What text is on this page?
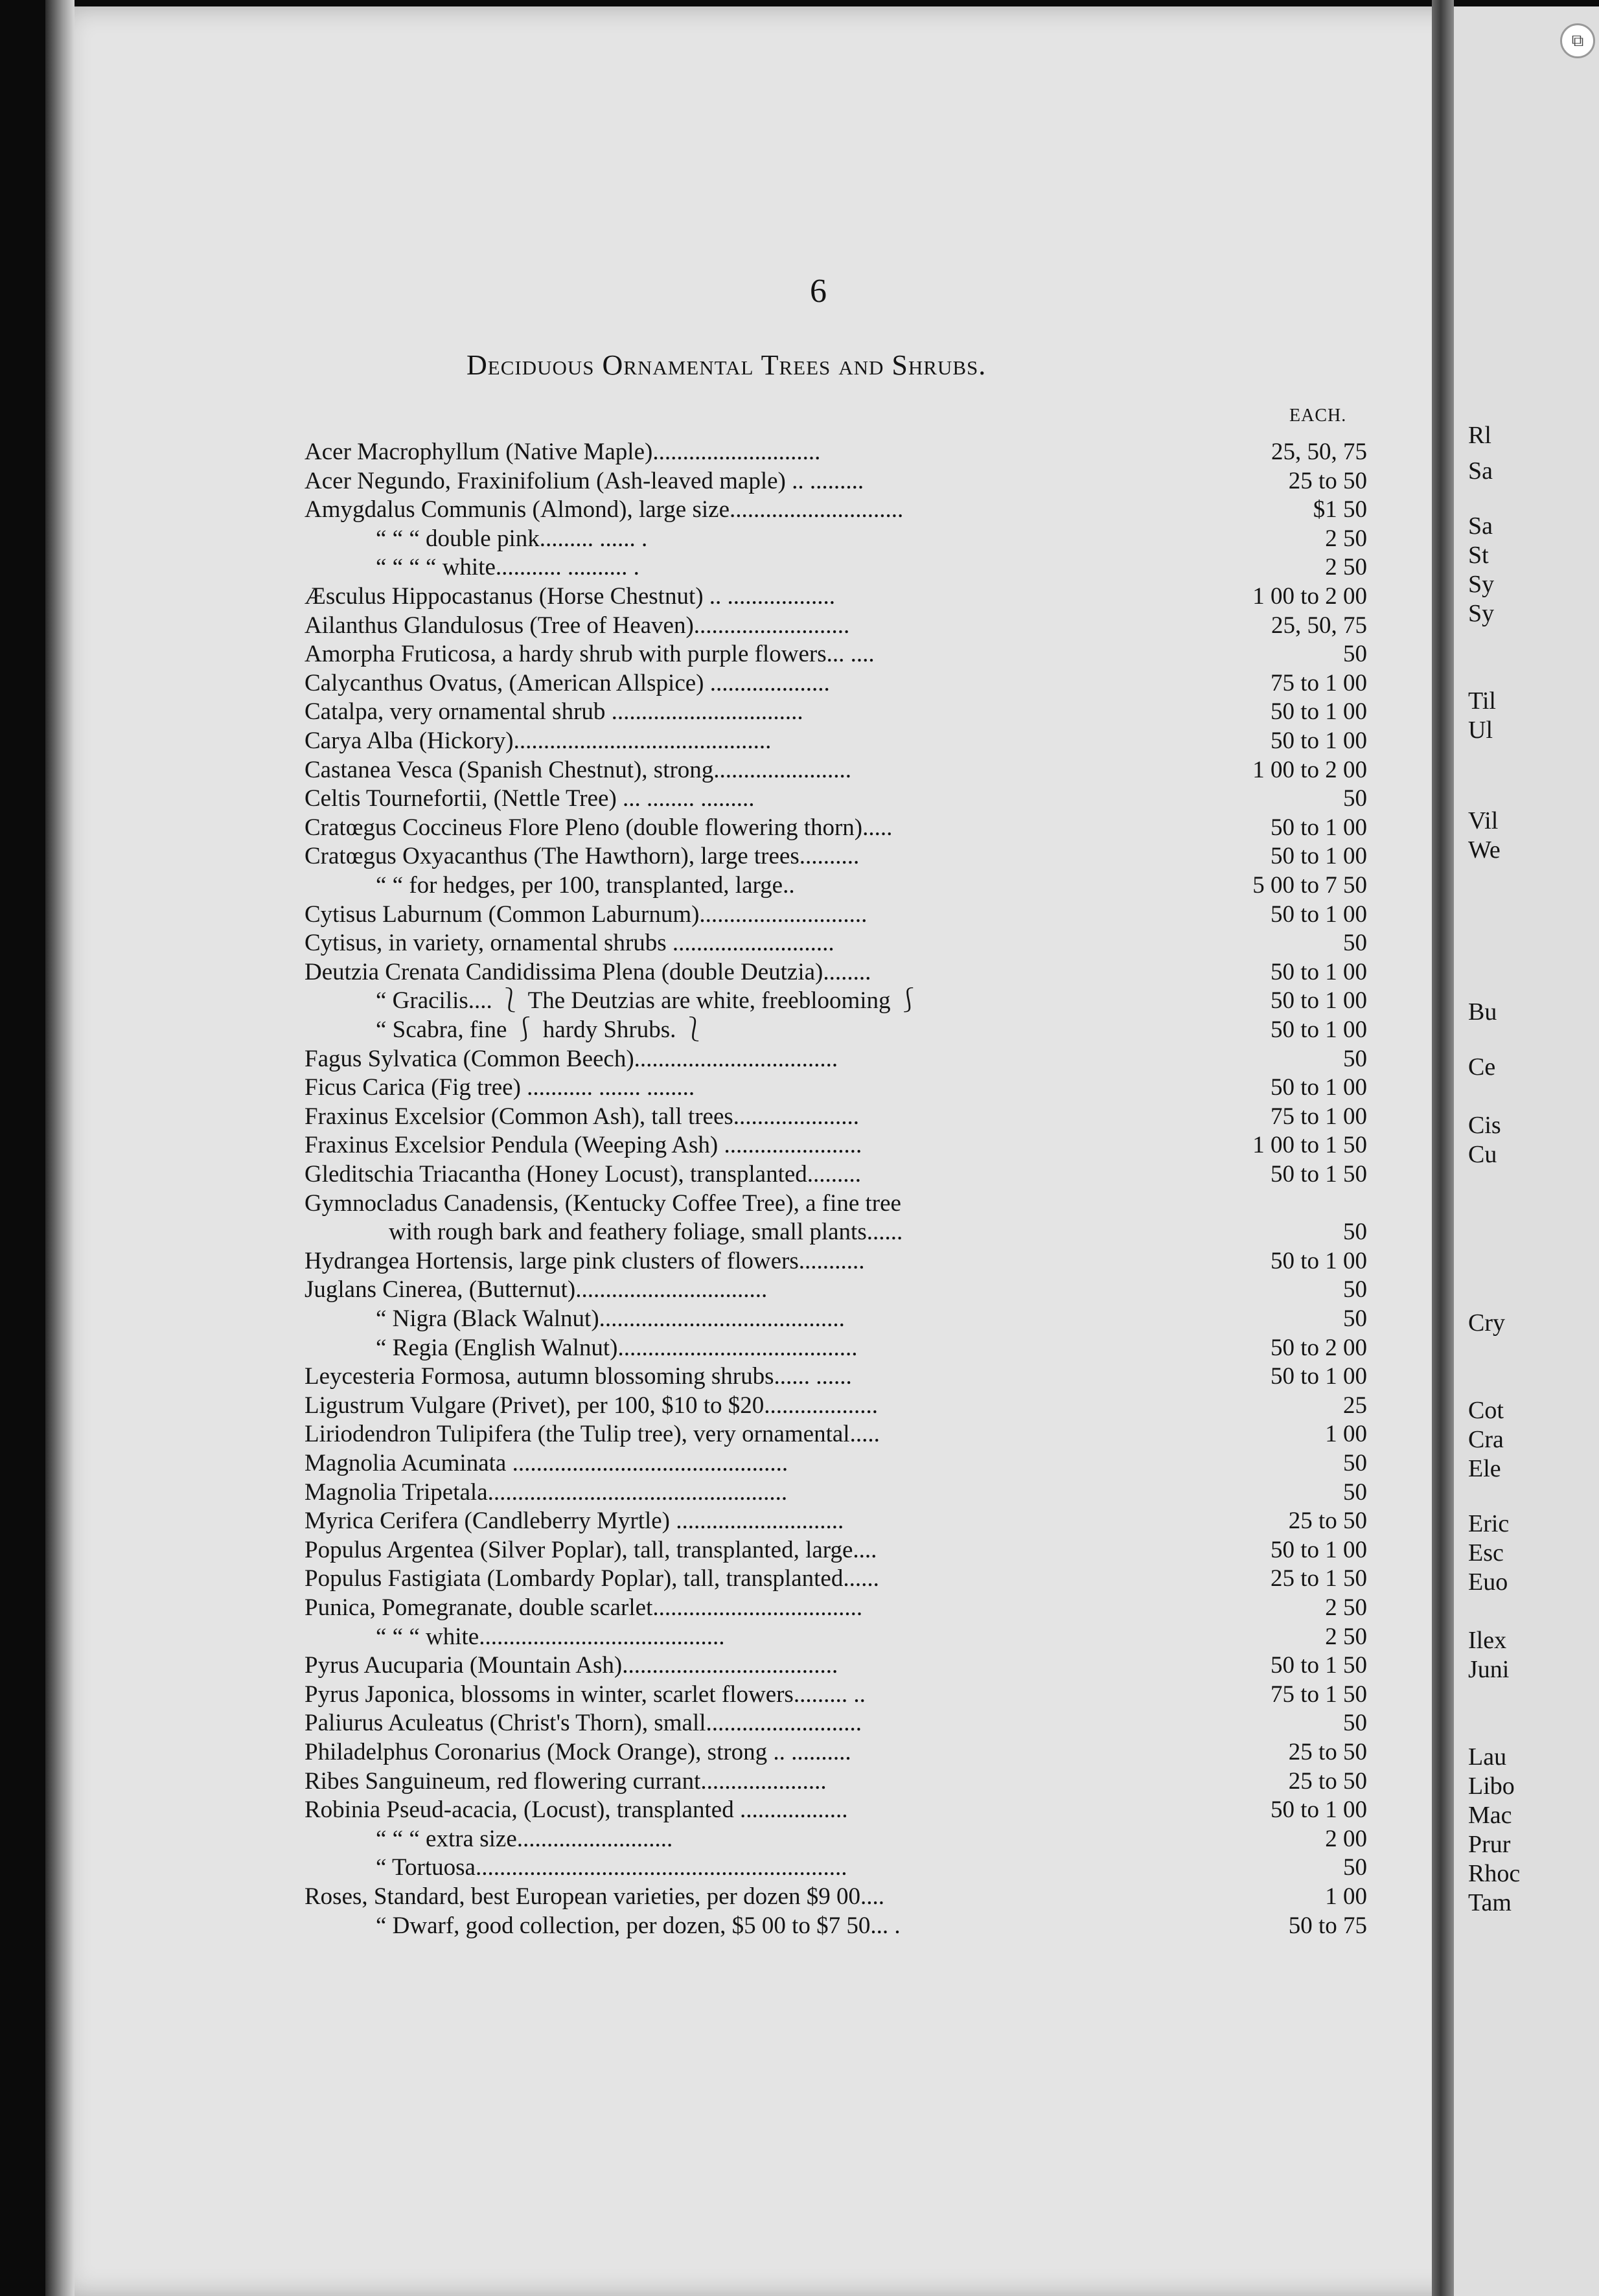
Rl
Sa
Sa
St
Sy
Sy
Til
Ul
Vil
We
Bu
Ce
Cis
Cu
Cry
Cot
Cra
Ele
Eric
Esc
Euo
Ilex
Juni
Lau
Libo
Mac
Prur
Rhoc
Tam
⧉
6
Deciduous Ornamental Trees and Shrubs.
EACH.
Acer Macrophyllum (Native Maple)............................	25, 50, 75
Acer Negundo, Fraxinifolium (Ash-leaved maple) .. .........	25 to 50
Amygdalus Communis (Almond), large size.............................	$1 50
“ “ “ double pink......... ...... .	2 50
“ “ “ “ white........... .......... .	2 50
Æsculus Hippocastanus (Horse Chestnut) .. ..................	1 00 to 2 00
Ailanthus Glandulosus (Tree of Heaven)..........................	25, 50, 75
Amorpha Fruticosa, a hardy shrub with purple flowers... ....	50
Calycanthus Ovatus, (American Allspice) ....................	75 to 1 00
Catalpa, very ornamental shrub ................................	50 to 1 00
Carya Alba (Hickory)...........................................	50 to 1 00
Castanea Vesca (Spanish Chestnut), strong.......................	1 00 to 2 00
Celtis Tournefortii, (Nettle Tree) ... ........ .........	50
Cratœgus Coccineus Flore Pleno (double flowering thorn).....	50 to 1 00
Cratœgus Oxyacanthus (The Hawthorn), large trees..........	50 to 1 00
“ “ for hedges, per 100, transplanted, large..	5 00 to 7 50
Cytisus Laburnum (Common Laburnum)............................	50 to 1 00
Cytisus, in variety, ornamental shrubs ...........................	50
Deutzia Crenata Candidissima Plena (double Deutzia)........	50 to 1 00
“ Gracilis.... ⎱ The Deutzias are white, freeblooming ⎰	50 to 1 00
“ Scabra, fine ⎰ hardy Shrubs. ⎱	50 to 1 00
Fagus Sylvatica (Common Beech)..................................	50
Ficus Carica (Fig tree) ........... ....... ........	50 to 1 00
Fraxinus Excelsior (Common Ash), tall trees.....................	75 to 1 00
Fraxinus Excelsior Pendula (Weeping Ash) .......................	1 00 to 1 50
Gleditschia Triacantha (Honey Locust), transplanted.........	50 to 1 50
Gymnocladus Canadensis, (Kentucky Coffee Tree), a fine tree
with rough bark and feathery foliage, small plants......	50
Hydrangea Hortensis, large pink clusters of flowers...........	50 to 1 00
Juglans Cinerea, (Butternut)................................	50
“ Nigra (Black Walnut).........................................	50
“ Regia (English Walnut)........................................	50 to 2 00
Leycesteria Formosa, autumn blossoming shrubs...... ......	50 to 1 00
Ligustrum Vulgare (Privet), per 100, $10 to $20...................	25
Liriodendron Tulipifera (the Tulip tree), very ornamental.....	1 00
Magnolia Acuminata ..............................................	50
Magnolia Tripetala..................................................	50
Myrica Cerifera (Candleberry Myrtle) ............................	25 to 50
Populus Argentea (Silver Poplar), tall, transplanted, large....	50 to 1 00
Populus Fastigiata (Lombardy Poplar), tall, transplanted......	25 to 1 50
Punica, Pomegranate, double scarlet...................................	2 50
“ “ “ white.........................................	2 50
Pyrus Aucuparia (Mountain Ash)....................................	50 to 1 50
Pyrus Japonica, blossoms in winter, scarlet flowers......... ..	75 to 1 50
Paliurus Aculeatus (Christ's Thorn), small..........................	50
Philadelphus Coronarius (Mock Orange), strong .. ..........	25 to 50
Ribes Sanguineum, red flowering currant.....................	25 to 50
Robinia Pseud-acacia, (Locust), transplanted ..................	50 to 1 00
“ “ “ extra size..........................	2 00
“ Tortuosa..............................................................	50
Roses, Standard, best European varieties, per dozen $9 00....	1 00
“ Dwarf, good collection, per dozen, $5 00 to $7 50... .	50 to 75
